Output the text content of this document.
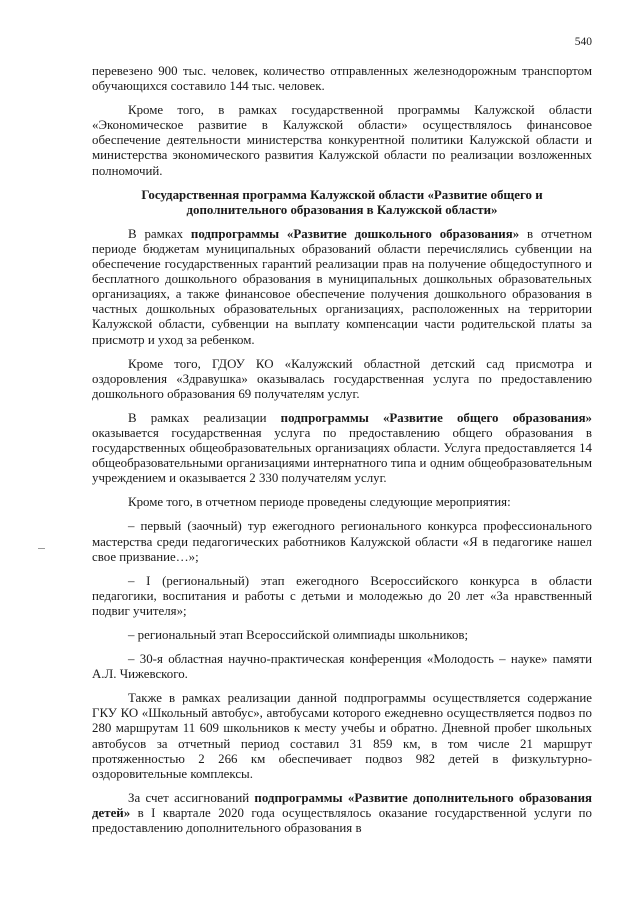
540

перевезено 900 тыс. человек, количество отправленных железнодорожным транспортом обучающихся составило 144 тыс. человек.

Кроме того, в рамках государственной программы Калужской области «Экономическое развитие в Калужской области» осуществлялось финансовое обеспечение деятельности министерства конкурентной политики Калужской области и министерства экономического развития Калужской области по реализации возложенных полномочий.

Государственная программа Калужской области «Развитие общего и дополнительного образования в Калужской области»

В рамках подпрограммы «Развитие дошкольного образования» в отчетном периоде бюджетам муниципальных образований области перечислялись субвенции на обеспечение государственных гарантий реализации прав на получение общедоступного и бесплатного дошкольного образования в муниципальных дошкольных образовательных организациях, а также финансовое обеспечение получения дошкольного образования в частных дошкольных образовательных организациях, расположенных на территории Калужской области, субвенции на выплату компенсации части родительской платы за присмотр и уход за ребенком.

Кроме того, ГДОУ КО «Калужский областной детский сад присмотра и оздоровления «Здравушка» оказывалась государственная услуга по предоставлению дошкольного образования 69 получателям услуг.

В рамках реализации подпрограммы «Развитие общего образования» оказывается государственная услуга по предоставлению общего образования в государственных общеобразовательных организациях области. Услуга предоставляется 14 общеобразовательными организациями интернатного типа и одним общеобразовательным учреждением и оказывается 2 330 получателям услуг.

Кроме того, в отчетном периоде проведены следующие мероприятия:

– первый (заочный) тур ежегодного регионального конкурса профессионального мастерства среди педагогических работников Калужской области «Я в педагогике нашел свое призвание…»;

– I (региональный) этап ежегодного Всероссийского конкурса в области педагогики, воспитания и работы с детьми и молодежью до 20 лет «За нравственный подвиг учителя»;

– региональный этап Всероссийской олимпиады школьников;

– 30-я областная научно-практическая конференция «Молодость – науке» памяти А.Л. Чижевского.

Также в рамках реализации данной подпрограммы осуществляется содержание ГКУ КО «Школьный автобус», автобусами которого ежедневно осуществляется подвоз по 280 маршрутам 11 609 школьников к месту учебы и обратно. Дневной пробег школьных автобусов за отчетный период составил 31 859 км, в том числе 21 маршрут протяженностью 2 266 км обеспечивает подвоз 982 детей в физкультурно-оздоровительные комплексы.

За счет ассигнований подпрограммы «Развитие дополнительного образования детей» в I квартале 2020 года осуществлялось оказание государственной услуги по предоставлению дополнительного образования в
